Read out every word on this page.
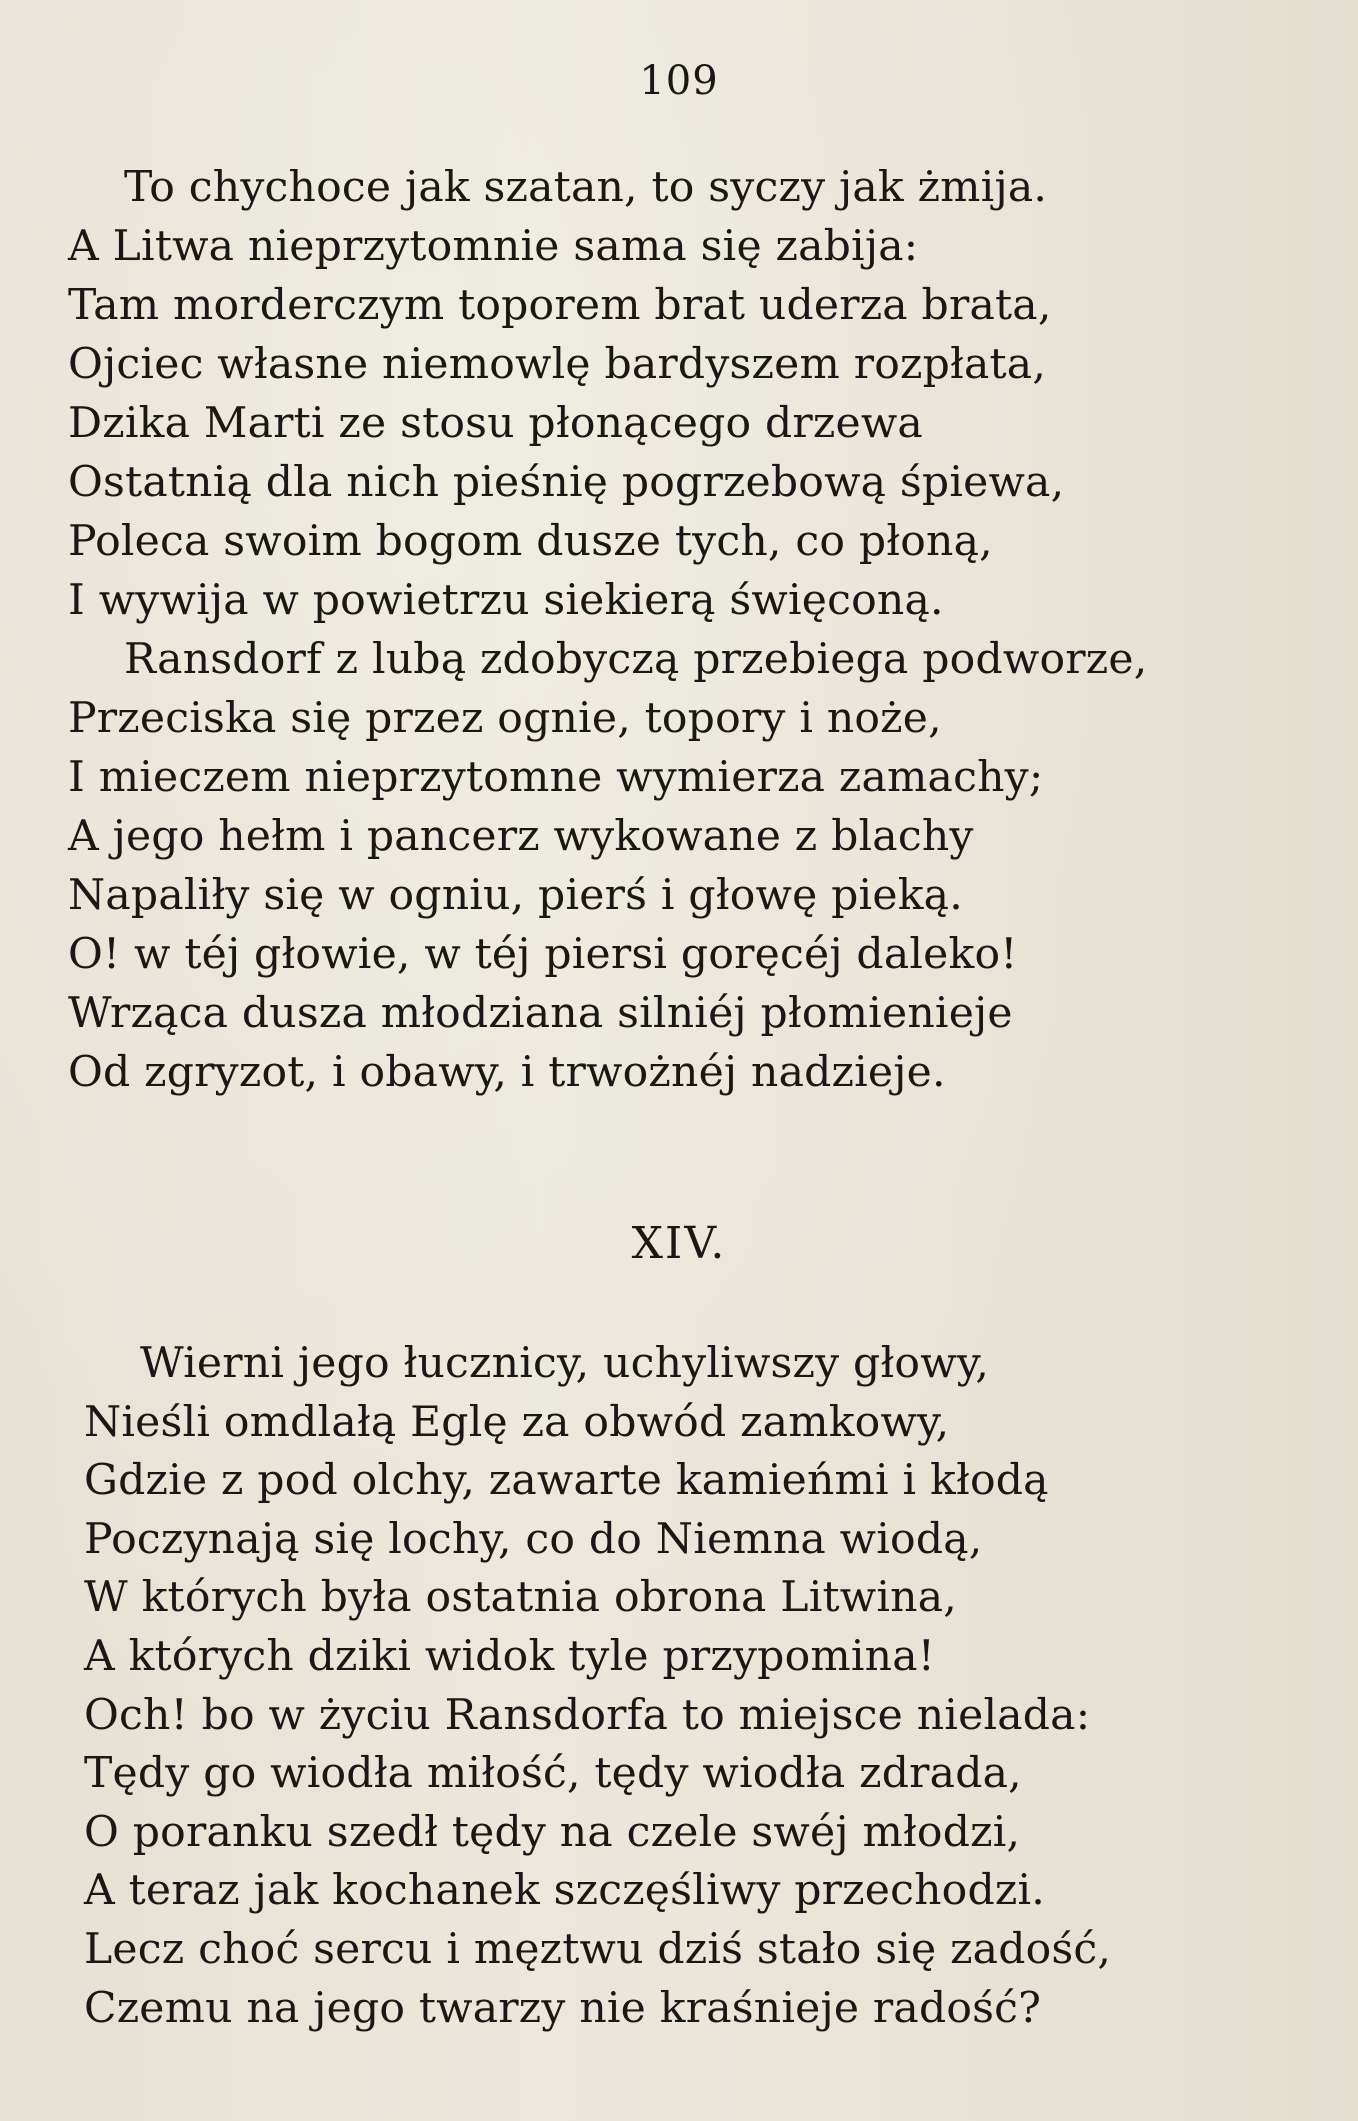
109
To chychoce jak szatan, to syczy jak żmija.
A Litwa nieprzytomnie sama się zabija:
Tam morderczym toporem brat uderza brata,
Ojciec własne niemowlę bardyszem rozpłata,
Dzika Marti ze stosu płonącego drzewa
Ostatnią dla nich pieśnię pogrzebową śpiewa,
Poleca swoim bogom dusze tych, co płoną,
I wywija w powietrzu siekierą święconą.
Ransdorf z lubą zdobyczą przebiega podworze,
Przeciska się przez ognie, topory i noże,
I mieczem nieprzytomne wymierza zamachy;
A jego hełm i pancerz wykowane z blachy
Napaliły się w ogniu, pierś i głowę pieką.
O! w téj głowie, w téj piersi goręcéj daleko!
Wrząca dusza młodziana silniéj płomienieje
Od zgryzot, i obawy, i trwożnéj nadzieje.
XIV.
Wierni jego łucznicy, uchyliwszy głowy,
Nieśli omdlałą Eglę za obwód zamkowy,
Gdzie z pod olchy, zawarte kamieńmi i kłodą
Poczynają się lochy, co do Niemna wiodą,
W których była ostatnia obrona Litwina,
A których dziki widok tyle przypomina!
Och! bo w życiu Ransdorfa to miejsce nielada:
Tędy go wiodła miłość, tędy wiodła zdrada,
O poranku szedł tędy na czele swéj młodzi,
A teraz jak kochanek szczęśliwy przechodzi.
Lecz choć sercu i męztwu dziś stało się zadość,
Czemu na jego twarzy nie kraśnieje radość?
